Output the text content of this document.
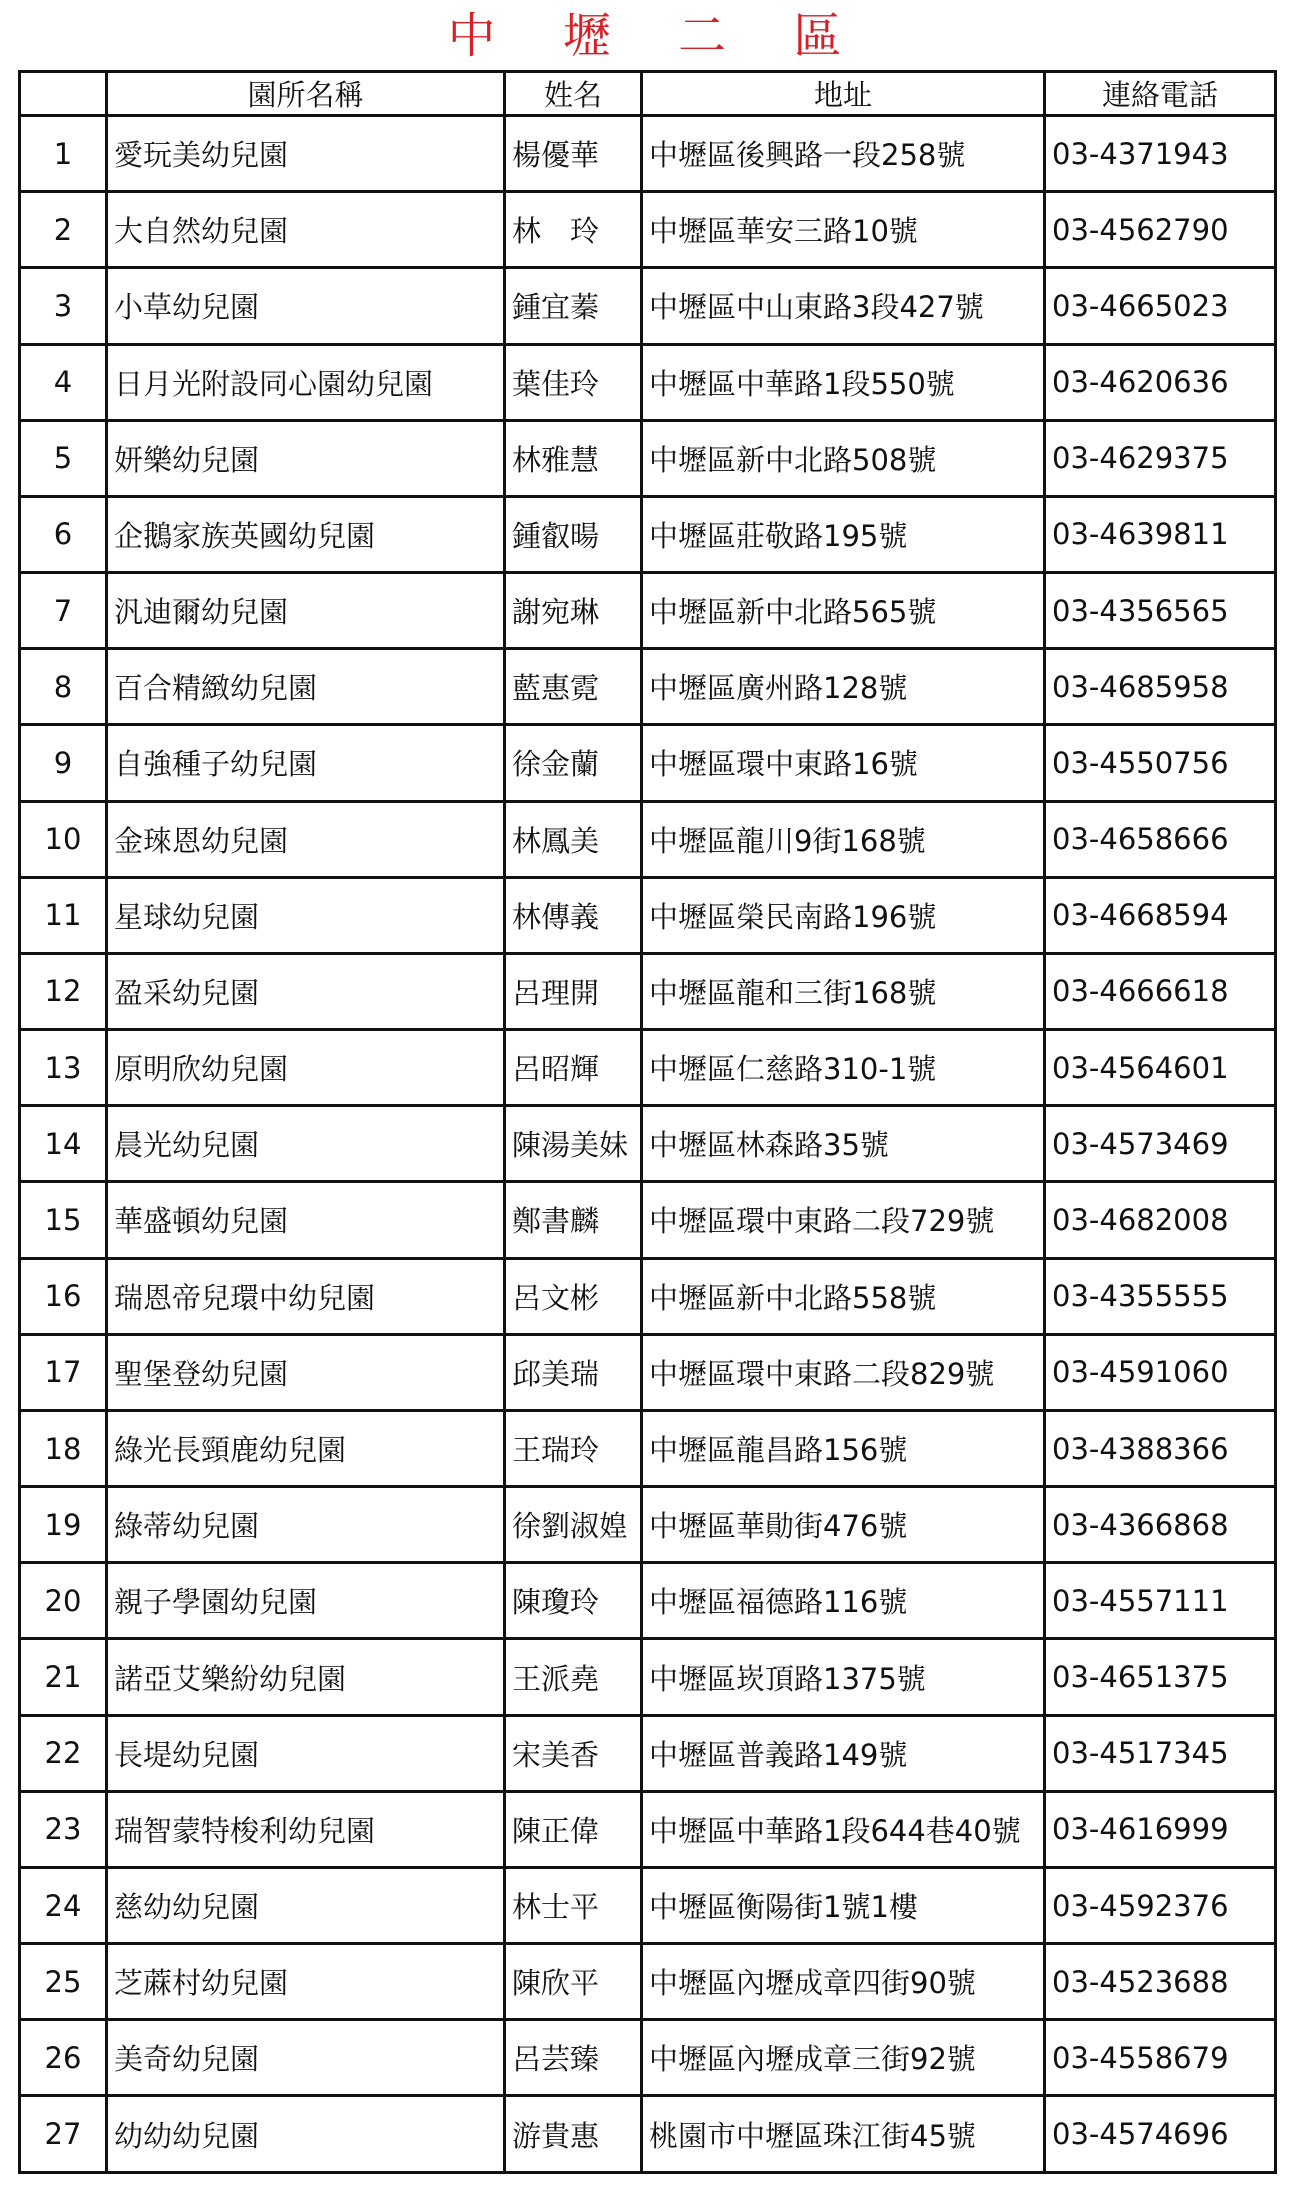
中 壢 二 區
	園所名稱	姓名	地址	連絡電話
1	愛玩美幼兒園	楊優華	中壢區後興路一段258號	03-4371943
2	大自然幼兒園	林　玲	中壢區華安三路10號	03-4562790
3	小草幼兒園	鍾宜蓁	中壢區中山東路3段427號	03-4665023
4	日月光附設同心園幼兒園	葉佳玲	中壢區中華路1段550號	03-4620636
5	妍樂幼兒園	林雅慧	中壢區新中北路508號	03-4629375
6	企鵝家族英國幼兒園	鍾叡暘	中壢區莊敬路195號	03-4639811
7	汎迪爾幼兒園	謝宛琳	中壢區新中北路565號	03-4356565
8	百合精緻幼兒園	藍惠霓	中壢區廣州路128號	03-4685958
9	自強種子幼兒園	徐金蘭	中壢區環中東路16號	03-4550756
10	金琜恩幼兒園	林鳳美	中壢區龍川9街168號	03-4658666
11	星球幼兒園	林傳義	中壢區榮民南路196號	03-4668594
12	盈采幼兒園	呂理開	中壢區龍和三街168號	03-4666618
13	原明欣幼兒園	呂昭輝	中壢區仁慈路310-1號	03-4564601
14	晨光幼兒園	陳湯美妹	中壢區林森路35號	03-4573469
15	華盛頓幼兒園	鄭書麟	中壢區環中東路二段729號	03-4682008
16	瑞恩帝兒環中幼兒園	呂文彬	中壢區新中北路558號	03-4355555
17	聖堡登幼兒園	邱美瑞	中壢區環中東路二段829號	03-4591060
18	綠光長頸鹿幼兒園	王瑞玲	中壢區龍昌路156號	03-4388366
19	綠蒂幼兒園	徐劉淑媓	中壢區華勛街476號	03-4366868
20	親子學園幼兒園	陳瓊玲	中壢區福德路116號	03-4557111
21	諾亞艾樂紛幼兒園	王派堯	中壢區崁頂路1375號	03-4651375
22	長堤幼兒園	宋美香	中壢區普義路149號	03-4517345
23	瑞智蒙特梭利幼兒園	陳正偉	中壢區中華路1段644巷40號	03-4616999
24	慈幼幼兒園	林士平	中壢區衡陽街1號1樓	03-4592376
25	芝蔴村幼兒園	陳欣平	中壢區內壢成章四街90號	03-4523688
26	美奇幼兒園	呂芸臻	中壢區內壢成章三街92號	03-4558679
27	幼幼幼兒園	游貴惠	桃園市中壢區珠江街45號	03-4574696
